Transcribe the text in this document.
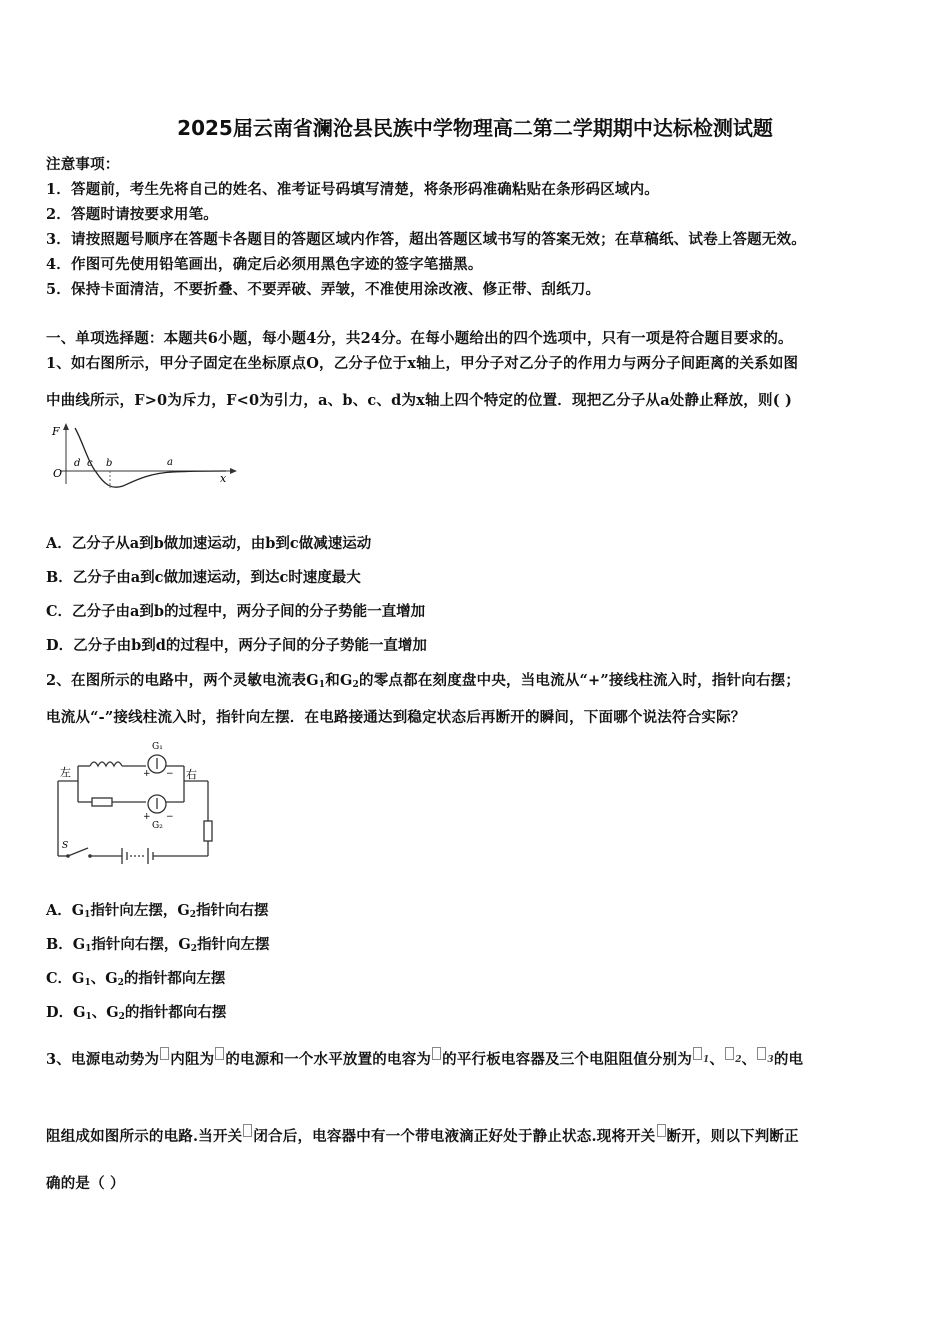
2025届云南省澜沧县民族中学物理高二第二学期期中达标检测试题
注意事项：
1．答题前，考生先将自己的姓名、准考证号码填写清楚，将条形码准确粘贴在条形码区域内。
2．答题时请按要求用笔。
3．请按照题号顺序在答题卡各题目的答题区域内作答，超出答题区域书写的答案无效；在草稿纸、试卷上答题无效。
4．作图可先使用铅笔画出，确定后必须用黑色字迹的签字笔描黑。
5．保持卡面清洁，不要折叠、不要弄破、弄皱，不准使用涂改液、修正带、刮纸刀。
一、单项选择题：本题共6小题，每小题4分，共24分。在每小题给出的四个选项中，只有一项是符合题目要求的。
1、如右图所示，甲分子固定在坐标原点O，乙分子位于x轴上，甲分子对乙分子的作用力与两分子间距离的关系如图
中曲线所示，F>0为斥力，F<0为引力，a、b、c、d为x轴上四个特定的位置．现把乙分子从a处静止释放，则( )
F
O	x
d c b	a
A．乙分子从a到b做加速运动，由b到c做减速运动
B．乙分子由a到c做加速运动，到达c时速度最大
C．乙分子由a到b的过程中，两分子间的分子势能一直增加
D．乙分子由b到d的过程中，两分子间的分子势能一直增加
2、在图所示的电路中，两个灵敏电流表$G_1$和$G_2$的零点都在刻度盘中央，当电流从“+”接线柱流入时，指针向右摆；
电流从“-”接线柱流入时，指针向左摆．在电路接通达到稳定状态后再断开的瞬间，下面哪个说法符合实际？
左	右
G₁
+ −
G₂
+ −
S
A．$G_1$指针向左摆，$G_2$指针向右摆
B．$G_1$指针向右摆，$G_2$指针向左摆
C．$G_1$、$G_2$的指针都向左摆
D．$G_1$、$G_2$的指针都向右摆
3、电源电动势为 内阻为 的电源和一个水平放置的电容为 的平行板电容器及三个电阻阻值分别为 1、 2、 3的电
阻组成如图所示的电路.当开关 闭合后，电容器中有一个带电液滴正好处于静止状态.现将开关 断开，则以下判断正
确的是（ ）
